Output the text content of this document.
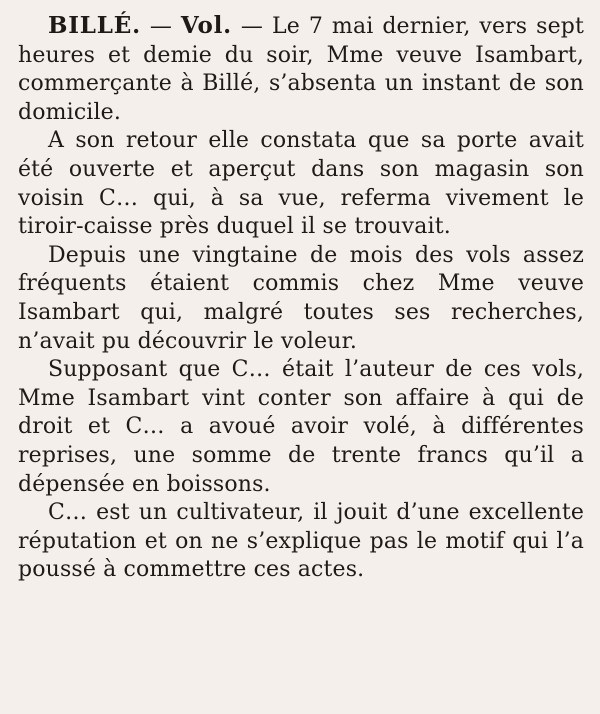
BILLÉ. — Vol. — Le 7 mai dernier, vers sept heures et demie du soir, Mme veuve Isambart, commerçante à Billé, s’absenta un instant de son domicile.

A son retour elle constata que sa porte avait été ouverte et aperçut dans son magasin son voisin C… qui, à sa vue, referma vivement le tiroir-caisse près duquel il se trouvait.

Depuis une vingtaine de mois des vols assez fréquents étaient commis chez Mme veuve Isambart qui, malgré toutes ses recherches, n’avait pu découvrir le voleur.

Supposant que C… était l’auteur de ces vols, Mme Isambart vint conter son affaire à qui de droit et C… a avoué avoir volé, à différentes reprises, une somme de trente francs qu’il a dépensée en boissons.

C… est un cultivateur, il jouit d’une excellente réputation et on ne s’explique pas le motif qui l’a poussé à commettre ces actes.
